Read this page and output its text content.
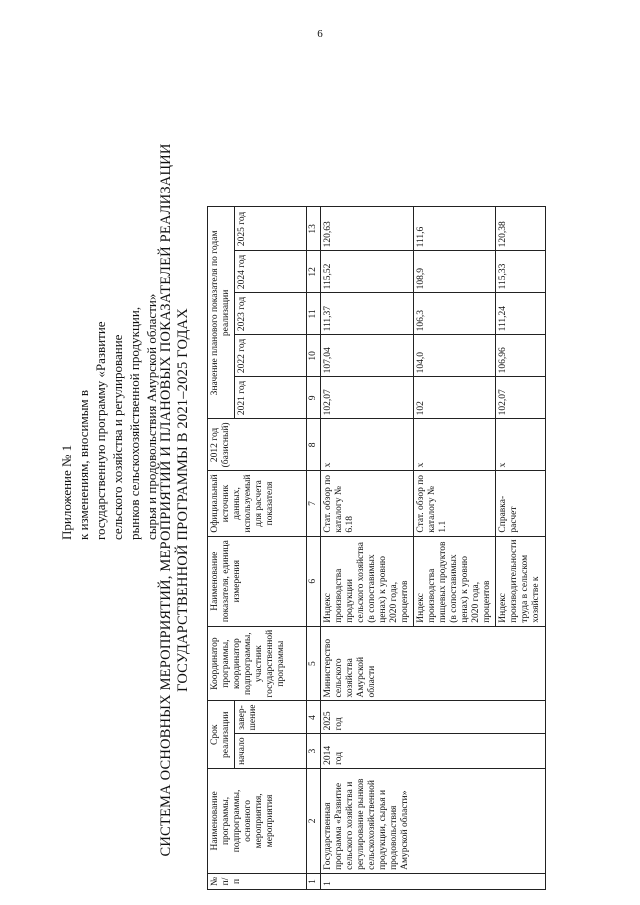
6
Приложение № 1 к изменениям, вносимым в государственную программу «Развитие сельского хозяйства и регулирование рынков сельскохозяйственной продукции, сырья и продовольствия Амурской области» СИСТЕМА ОСНОВНЫХ МЕРОПРИЯТИЙ, МЕРОПРИЯТИЙ И ПЛАНОВЫХ ПОКАЗАТЕЛЕЙ РЕАЛИЗАЦИИ ГОСУДАРСТВЕННОЙ ПРОГРАММЫ В 2021–2025 ГОДАХ
№ п/п	Наименование программы, подпрограммы, основного мероприятия, мероприятия	Срок реализации		Координатор программы, координатор подпрограммы, участник государственной программы	Наименование показателя, единица измерения	Официальный источник данных, используемый для расчета показателя	2012 год (базисный)	Значение планового показателя по годам реализации				
		начало	завер-шение					2021 год	2022 год	2023 год	2024 год	2025 год
1	2	3	4	5	6	7	8	9	10	11	12	13
1	Государственная программа «Развитие сельского хозяйства и регулирование рынков сельскохозяйственной продукции, сырья и продовольствия Амурской области»	2014 год	2025 год	Министерство сельского хозяйства Амурской области	Индекс производства продукции сельского хозяйства (в сопоставимых ценах) к уровню 2020 года, процентов	Стат. обзор по каталогу № 6.18	x	102,07	107,04	111,37	115,52	120,63
					Индекс производства пищевых продуктов (в сопоставимых ценах) к уровню 2020 года, процентов	Стат. обзор по каталогу № 1.1	x	102	104,0	106,3	108,9	111,6
					Индекс производительности труда в сельском хозяйстве к	Справка-расчет	x	102,07	106,96	111,24	115,33	120,38
